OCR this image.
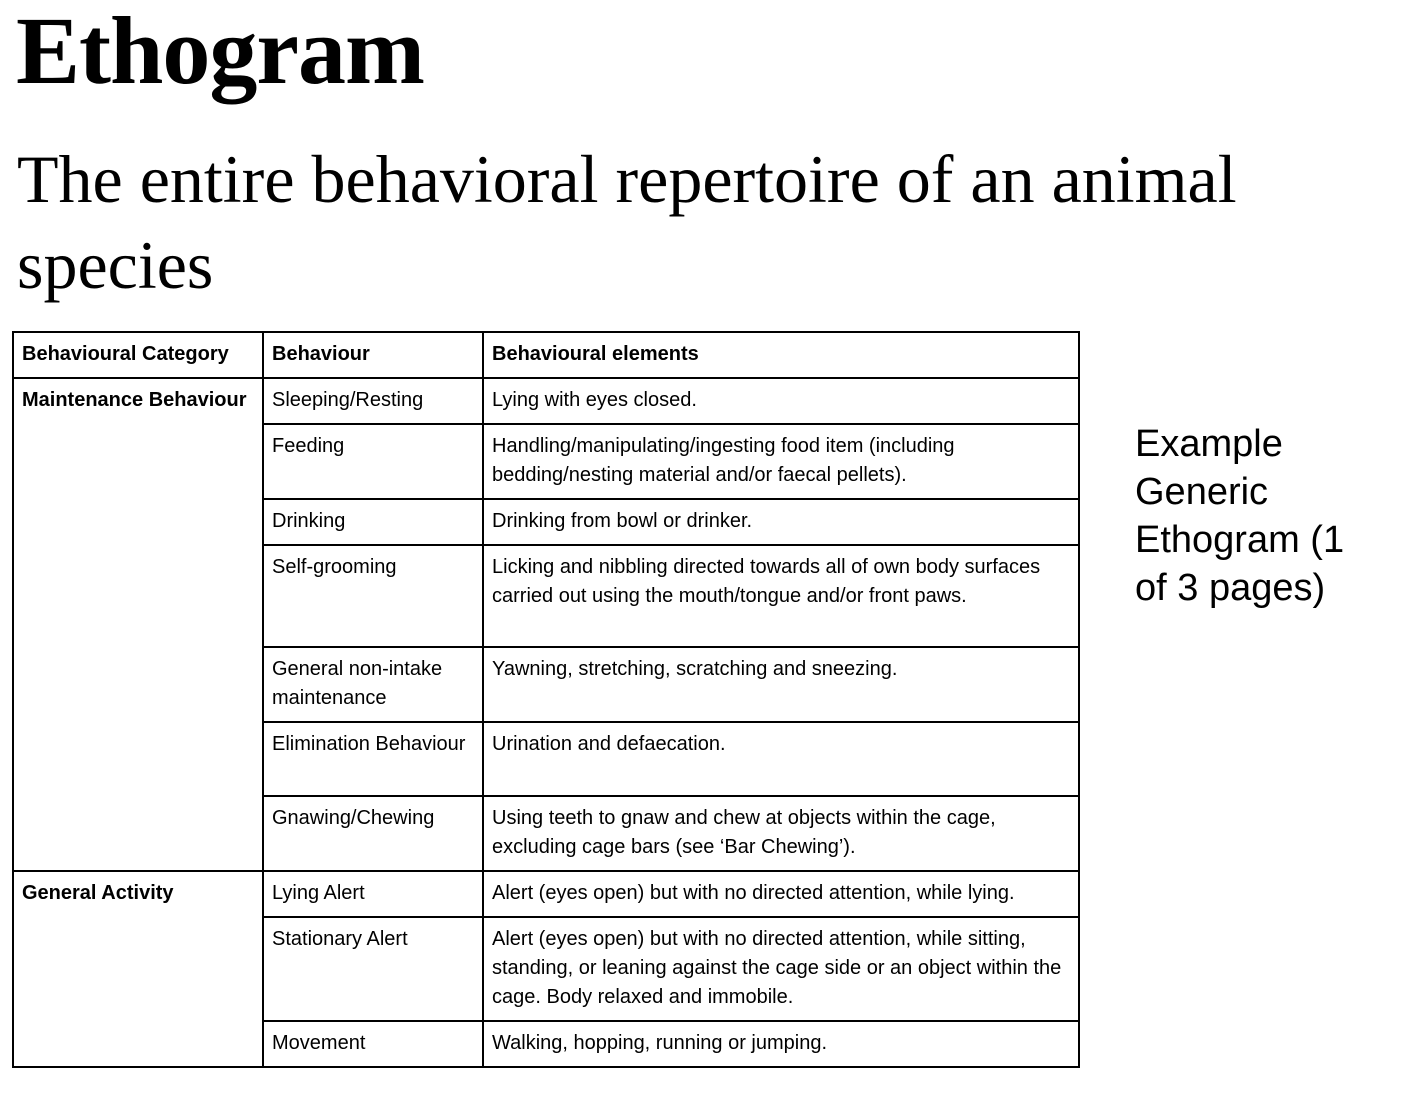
Ethogram

The entire behavioral repertoire of an animal species

Behavioural Category	Behaviour	Behavioural elements
Maintenance Behaviour	Sleeping/Resting	Lying with eyes closed.
	Feeding	Handling/manipulating/ingesting food item (including bedding/nesting material and/or faecal pellets).
	Drinking	Drinking from bowl or drinker.
	Self-grooming	Licking and nibbling directed towards all of own body surfaces carried out using the mouth/tongue and/or front paws.
	General non-intake maintenance	Yawning, stretching, scratching and sneezing.
	Elimination Behaviour	Urination and defaecation.
	Gnawing/Chewing	Using teeth to gnaw and chew at objects within the cage, excluding cage bars (see ‘Bar Chewing’).
General Activity	Lying Alert	Alert (eyes open) but with no directed attention, while lying.
	Stationary Alert	Alert (eyes open) but with no directed attention, while sitting, standing, or leaning against the cage side or an object within the cage. Body relaxed and immobile.
	Movement	Walking, hopping, running or jumping.
Example Generic Ethogram (1 of 3 pages)
